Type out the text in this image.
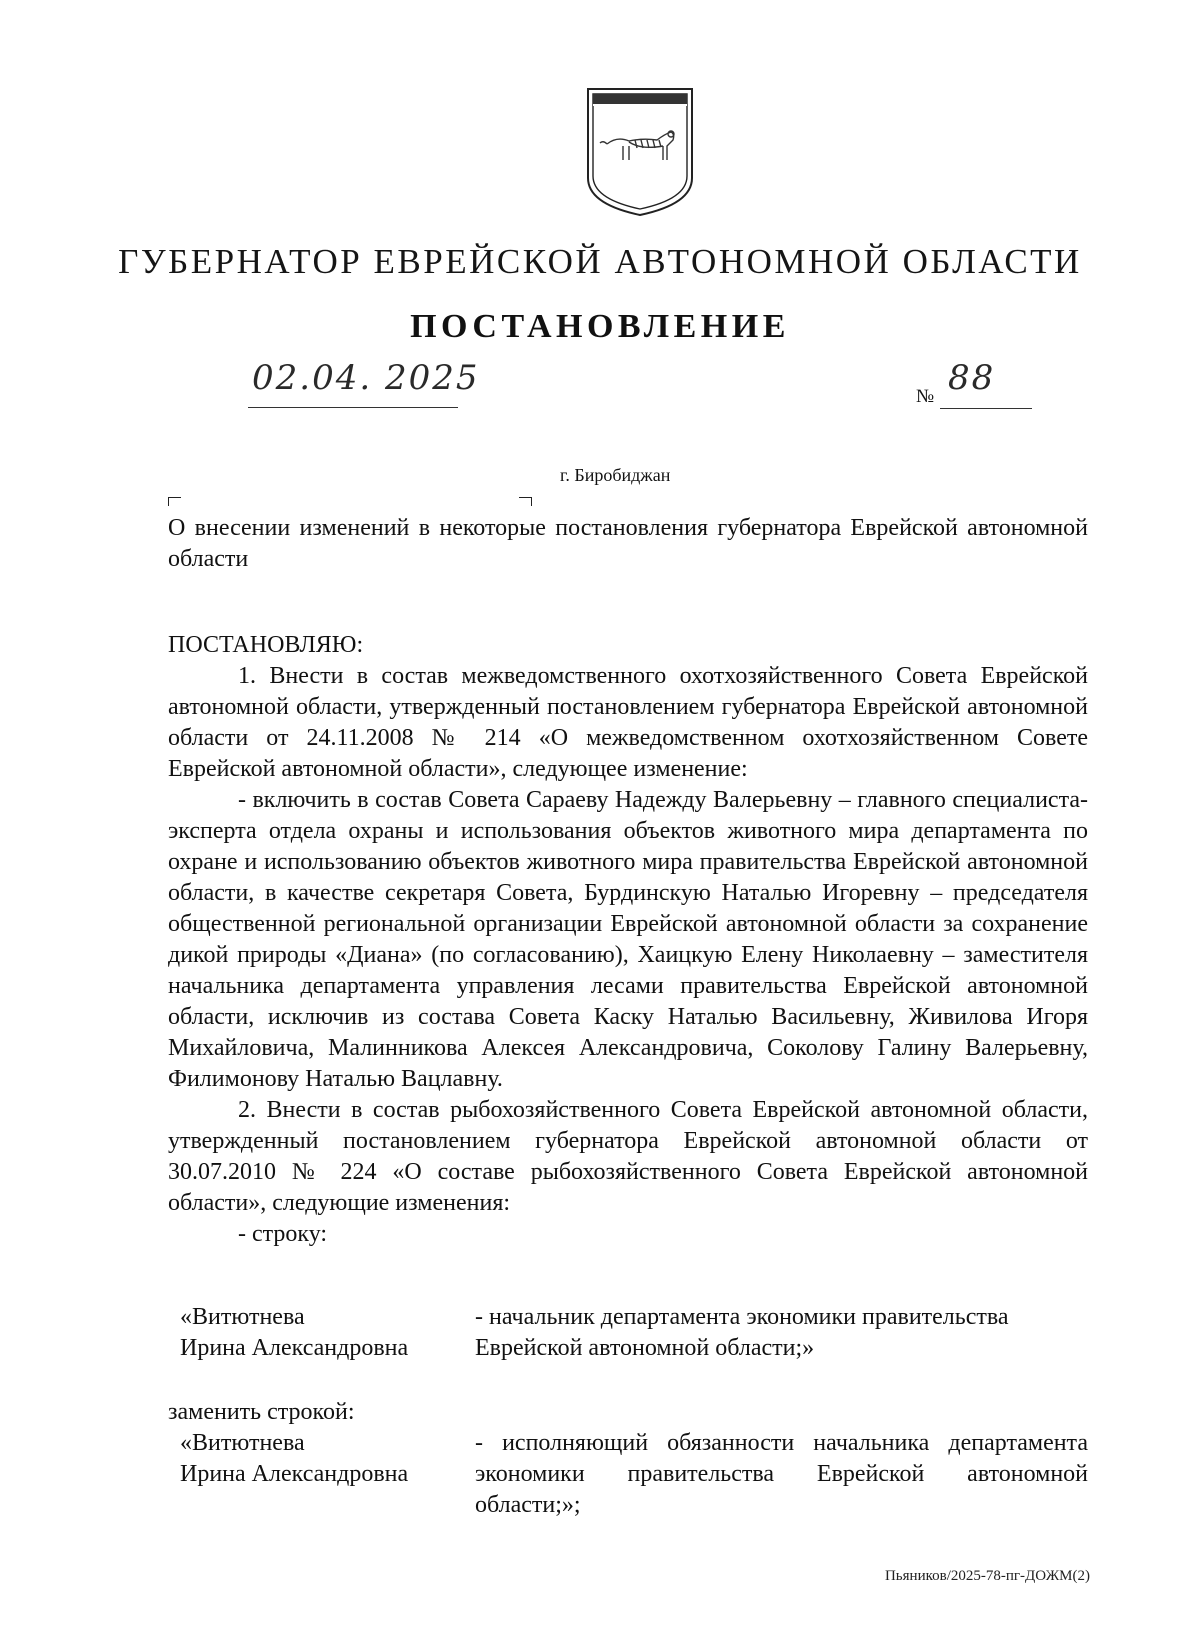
ГУБЕРНАТОР ЕВРЕЙСКОЙ АВТОНОМНОЙ ОБЛАСТИ
ПОСТАНОВЛЕНИЕ
02.04. 2025	№ 88
г. Биробиджан
О внесении изменений в некоторые постановления губернатора Еврейской автономной области

ПОСТАНОВЛЯЮ:

1. Внести в состав межведомственного охотхозяйственного Совета Еврейской автономной области, утвержденный постановлением губернатора Еврейской автономной области от 24.11.2008 № 214 «О межведомственном охотхозяйственном Совете Еврейской автономной области», следующее изменение:

- включить в состав Совета Сараеву Надежду Валерьевну – главного специалиста-эксперта отдела охраны и использования объектов животного мира департамента по охране и использованию объектов животного мира правительства Еврейской автономной области, в качестве секретаря Совета, Бурдинскую Наталью Игоревну – председателя общественной региональной организации Еврейской автономной области за сохранение дикой природы «Диана» (по согласованию), Хаицкую Елену Николаевну – заместителя начальника департамента управления лесами правительства Еврейской автономной области, исключив из состава Совета Каску Наталью Васильевну, Живилова Игоря Михайловича, Малинникова Алексея Александровича, Соколову Галину Валерьевну, Филимонову Наталью Вацлавну.

2. Внести в состав рыбохозяйственного Совета Еврейской автономной области, утвержденный постановлением губернатора Еврейской автономной области от 30.07.2010 № 224 «О составе рыбохозяйственного Совета Еврейской автономной области», следующие изменения:

- строку:

«Витютнева
Ирина Александровна
- начальник департамента экономики правительства Еврейской автономной области;»
заменить строкой:
«Витютнева
Ирина Александровна
- исполняющий обязанности начальника департамента экономики правительства Еврейской автономной области;»;
Пьяников/2025-78-пг-ДОЖМ(2)
